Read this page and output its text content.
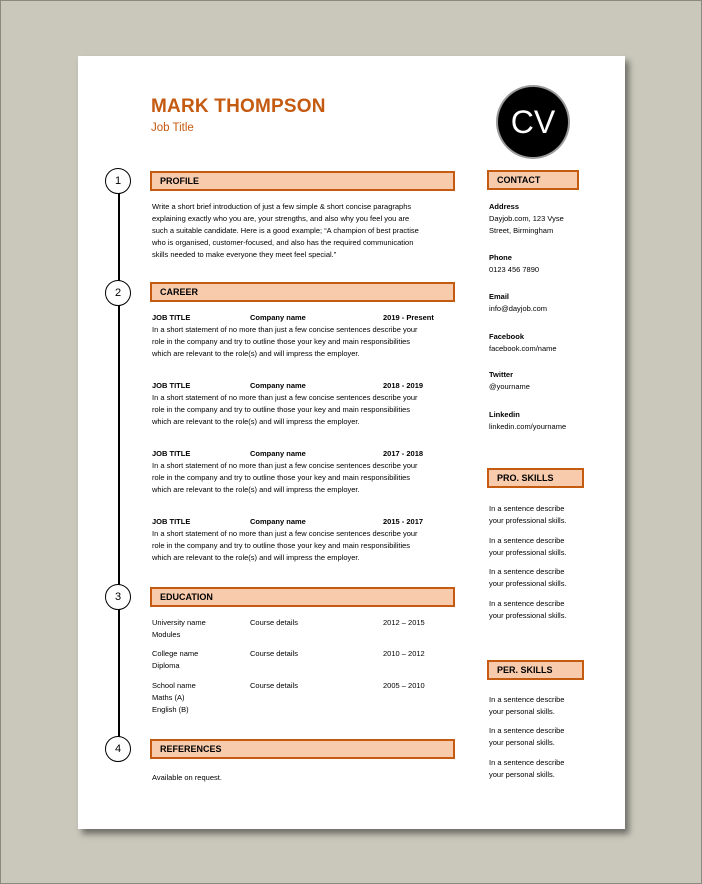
MARK THOMPSON
Job Title	CV
1
2
3
4
PROFILE
CAREER
EDUCATION
REFERENCES
Write a short brief introduction of just a few simple & short concise paragraphs
explaining exactly who you are, your strengths, and also why you feel you are
such a suitable candidate. Here is a good example; “A champion of best practise
who is organised, customer-focused, and also has the required communication
skills needed to make everyone they meet feel special.”
JOB TITLE	Company name	2019 - Present
In a short statement of no more than just a few concise sentences describe your
role in the company and try to outline those your key and main responsibilities
which are relevant to the role(s) and will impress the employer.
JOB TITLE	Company name	2018 - 2019
In a short statement of no more than just a few concise sentences describe your
role in the company and try to outline those your key and main responsibilities
which are relevant to the role(s) and will impress the employer.
JOB TITLE	Company name	2017 - 2018
In a short statement of no more than just a few concise sentences describe your
role in the company and try to outline those your key and main responsibilities
which are relevant to the role(s) and will impress the employer.
JOB TITLE	Company name	2015 - 2017
In a short statement of no more than just a few concise sentences describe your
role in the company and try to outline those your key and main responsibilities
which are relevant to the role(s) and will impress the employer.
University name	Course details	2012 – 2015
Modules
College name	Course details	2010 – 2012
Diploma
School name	Course details	2005 – 2010
Maths (A)
English (B)
Available on request.
CONTACT
Address
Dayjob.com, 123 Vyse
Street, Birmingham
Phone
0123 456 7890
Email
info@dayjob.com
Facebook
facebook.com/name
Twitter
@yourname
Linkedin
linkedin.com/yourname
PRO. SKILLS
In a sentence describe
your professional skills.
In a sentence describe
your professional skills.
In a sentence describe
your professional skills.
In a sentence describe
your professional skills.
PER. SKILLS
In a sentence describe
your personal skills.
In a sentence describe
your personal skills.
In a sentence describe
your personal skills.
